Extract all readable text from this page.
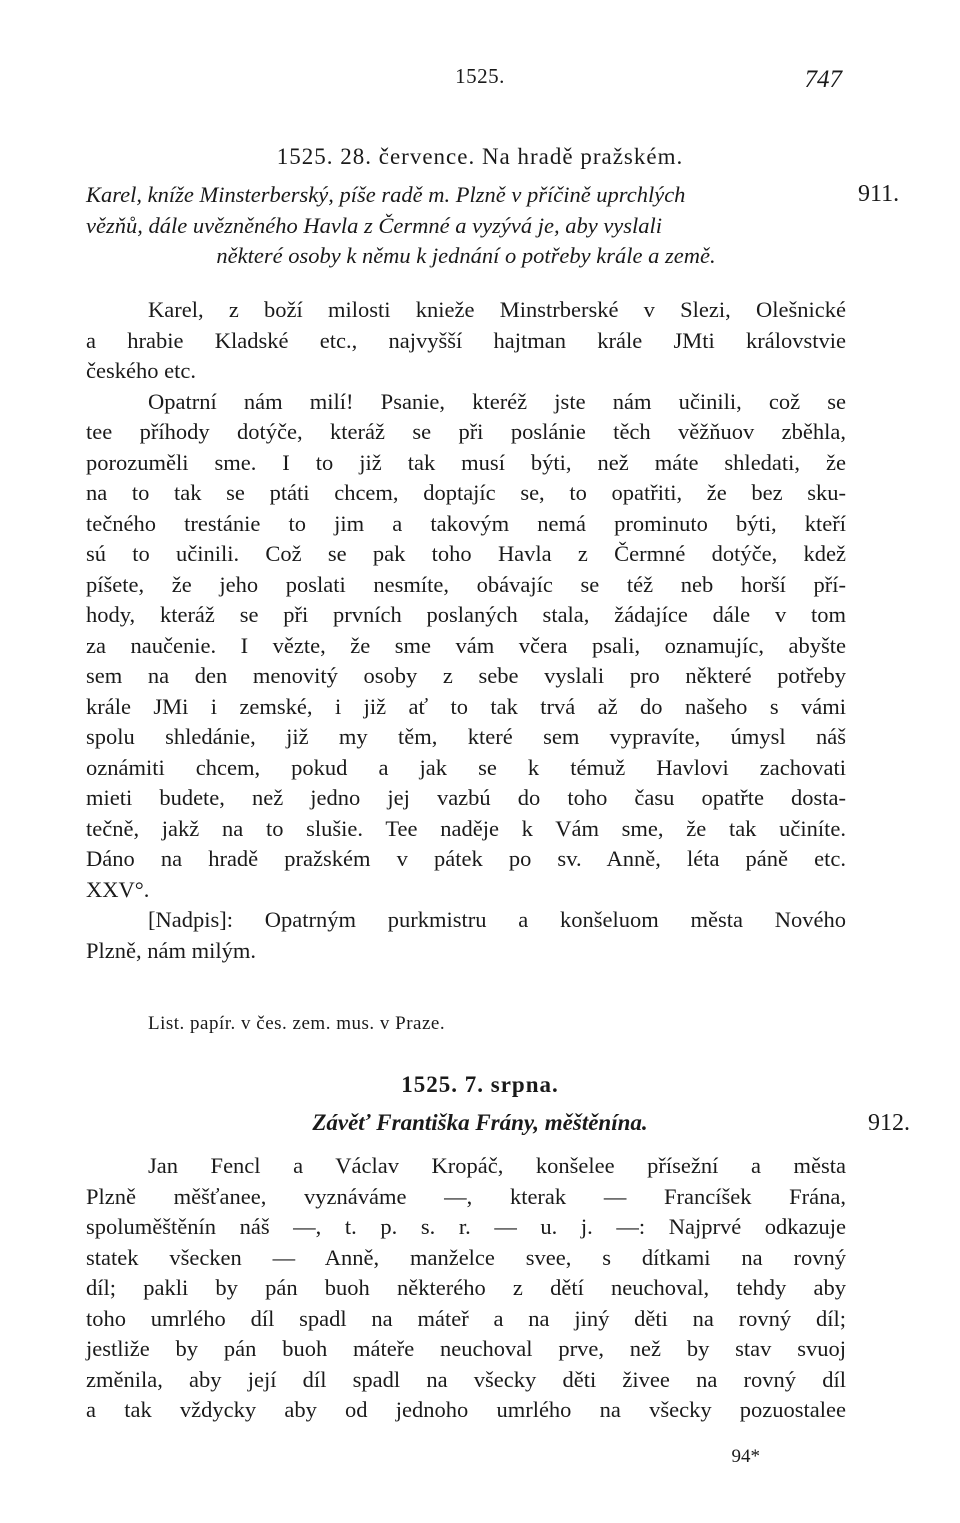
1525.	747
1525. 28. července. Na hradě pražském.
Karel, kníže Minsterberský, píše radě m. Plzně v příčině uprchlých
vězňů, dále uvězněného Havla z Čermné a vyzývá je, aby vyslali
některé osoby k němu k jednání o potřeby krále a země.
911.
Karel, z boží milosti knieže Minstrberské v Slezi, Olešnické
a hrabie Kladské etc., najvyšší hajtman krále JMti královstvie
českého etc.
Opatrní nám milí! Psanie, kteréž jste nám učinili, což se
tee příhody dotýče, kteráž se při poslánie těch věžňuov zběhla,
porozuměli sme. I to již tak musí býti, než máte shledati, že
na to tak se ptáti chcem, doptajíc se, to opatřiti, že bez sku-
tečného trestánie to jim a takovým nemá prominuto býti, kteří
sú to učinili. Což se pak toho Havla z Čermné dotýče, kdež
píšete, že jeho poslati nesmíte, obávajíc se též neb horší pří-
hody, kteráž se při prvních poslaných stala, žádajíce dále v tom
za naučenie. I vězte, že sme vám včera psali, oznamujíc, abyšte
sem na den menovitý osoby z sebe vyslali pro některé potřeby
krále JMi i zemské, i již ať to tak trvá až do našeho s vámi
spolu shledánie, již my těm, které sem vypravíte, úmysl náš
oznámiti chcem, pokud a jak se k témuž Havlovi zachovati
mieti budete, než jedno jej vazbú do toho času opatřte dosta-
tečně, jakž na to slušie. Tee naděje k Vám sme, že tak učiníte.
Dáno na hradě pražském v pátek po sv. Anně, léta páně etc.
XXV°.
[Nadpis]: Opatrným purkmistru a konšeluom města Nového
Plzně, nám milým.
List. papír. v čes. zem. mus. v Praze.
1525. 7. srpna.
Závěť Františka Frány, měštěnína.	912.
Jan Fencl a Václav Kropáč, konšelee přísežní a města
Plzně měšťanee, vyznáváme —, kterak — Francíšek Frána,
spoluměštěnín náš —, t. p. s. r. — u. j. —: Najprvé odkazuje
statek všecken — Anně, manželce svee, s dítkami na rovný
díl; pakli by pán buoh některého z dětí neuchoval, tehdy aby
toho umrlého díl spadl na máteř a na jiný děti na rovný díl;
jestliže by pán buoh máteře neuchoval prve, než by stav svuoj
změnila, aby její díl spadl na všecky děti živee na rovný díl
a tak vždycky aby od jednoho umrlého na všecky pozuostalee
94*
